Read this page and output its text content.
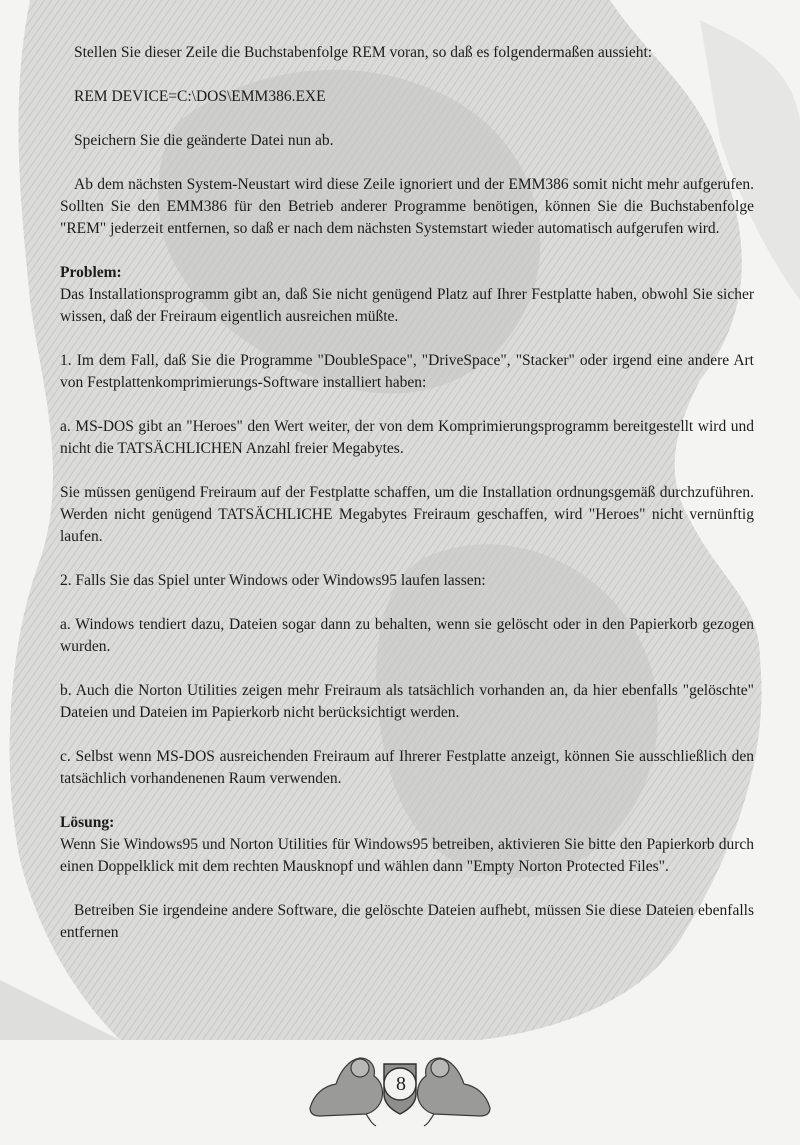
Stellen Sie dieser Zeile die Buchstabenfolge REM voran, so daß es folgendermaßen aussieht:

REM DEVICE=C:\DOS\EMM386.EXE

Speichern Sie die geänderte Datei nun ab.

Ab dem nächsten System-Neustart wird diese Zeile ignoriert und der EMM386 somit nicht mehr aufgerufen. Sollten Sie den EMM386 für den Betrieb anderer Programme benötigen, können Sie die Buchstabenfolge "REM" jederzeit entfernen, so daß er nach dem nächsten Systemstart wieder automatisch aufgerufen wird.

Problem:

Das Installationsprogramm gibt an, daß Sie nicht genügend Platz auf Ihrer Festplatte haben, obwohl Sie sicher wissen, daß der Freiraum eigentlich ausreichen müßte.

1. Im dem Fall, daß Sie die Programme "DoubleSpace", "DriveSpace", "Stacker" oder irgend eine andere Art von Festplattenkomprimierungs-Software installiert haben:

a. MS-DOS gibt an "Heroes" den Wert weiter, der von dem Komprimierungsprogramm bereitgestellt wird und nicht die TATSÄCHLICHEN Anzahl freier Megabytes.

Sie müssen genügend Freiraum auf der Festplatte schaffen, um die Installation ordnungsgemäß durchzuführen. Werden nicht genügend TATSÄCHLICHE Megabytes Freiraum geschaffen, wird "Heroes" nicht vernünftig laufen.

2. Falls Sie das Spiel unter Windows oder Windows95 laufen lassen:

a. Windows tendiert dazu, Dateien sogar dann zu behalten, wenn sie gelöscht oder in den Papierkorb gezogen wurden.

b. Auch die Norton Utilities zeigen mehr Freiraum als tatsächlich vorhanden an, da hier ebenfalls "gelöschte" Dateien und Dateien im Papierkorb nicht berücksichtigt werden.

c. Selbst wenn MS-DOS ausreichenden Freiraum auf Ihrerer Festplatte anzeigt, können Sie ausschließlich den tatsächlich vorhandenenen Raum verwenden.

Lösung:

Wenn Sie Windows95 und Norton Utilities für Windows95 betreiben, aktivieren Sie bitte den Papierkorb durch einen Doppelklick mit dem rechten Mausknopf und wählen dann "Empty Norton Protected Files".

Betreiben Sie irgendeine andere Software, die gelöschte Dateien aufhebt, müssen Sie diese Dateien ebenfalls entfernen

8
